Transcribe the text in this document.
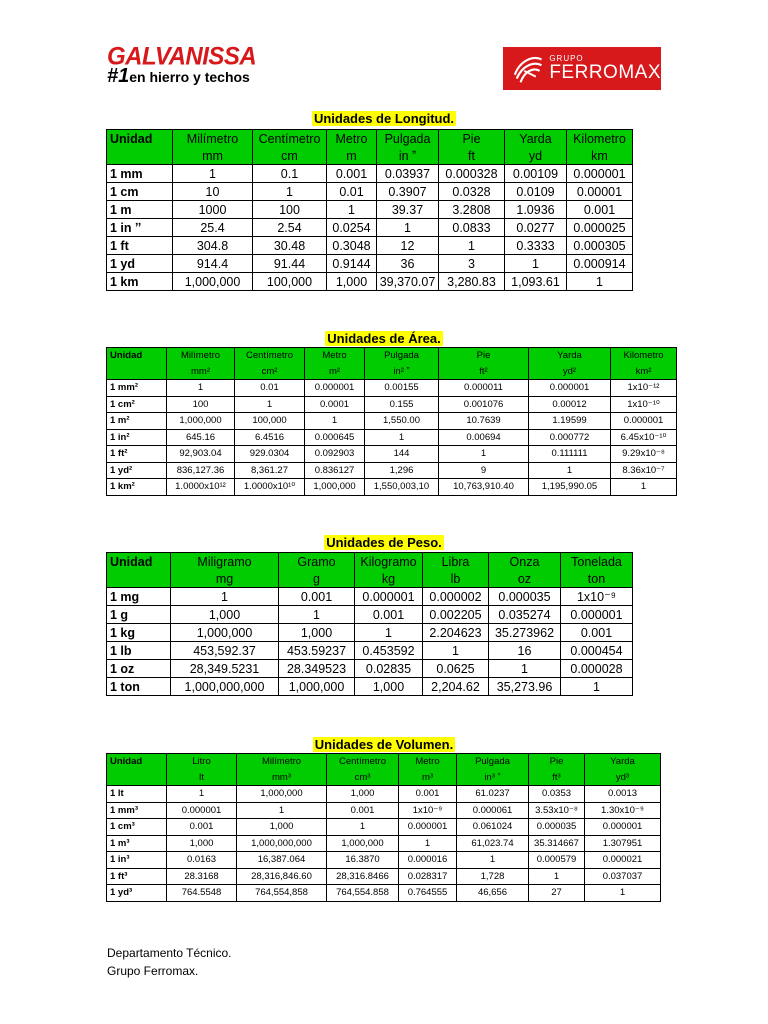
GALVANISSA
#1en hierro y techos
GRUPO
FERROMAX
Unidades de Longitud.
Unidad	Milímetro	Centímetro	Metro	Pulgada	Pie	Yarda	Kilometro
	mm	cm	m	in ˮ	ft	yd	km
1 mm	1	0.1	0.001	0.03937	0.000328	0.00109	0.000001
1 cm	10	1	0.01	0.3907	0.0328	0.0109	0.00001
1 m	1000	100	1	39.37	3.2808	1.0936	0.001
1 in ˮ	25.4	2.54	0.0254	1	0.0833	0.0277	0.000025
1 ft	304.8	30.48	0.3048	12	1	0.3333	0.000305
1 yd	914.4	91.44	0.9144	36	3	1	0.000914
1 km	1,000,000	100,000	1,000	39,370.07	3,280.83	1,093.61	1
Unidades de Área.
Unidad	Milímetro	Centímetro	Metro	Pulgada	Pie	Yarda	Kilometro
	mm²	cm²	m²	in² ˮ	ft²	yd²	km²
1 mm²	1	0.01	0.000001	0.00155	0.000011	0.000001	1x10⁻¹²
1 cm²	100	1	0.0001	0.155	0.001076	0.00012	1x10⁻¹⁰
1 m²	1,000,000	100,000	1	1,550.00	10.7639	1.19599	0.000001
1 in²	645.16	6.4516	0.000645	1	0.00694	0.000772	6.45x10⁻¹⁰
1 ft²	92,903.04	929.0304	0.092903	144	1	0.111111	9.29x10⁻⁸
1 yd²	836,127.36	8,361.27	0.836127	1,296	9	1	8.36x10⁻⁷
1 km²	1.0000x10¹²	1.0000x10¹⁰	1,000,000	1,550,003,10	10,763,910.40	1,195,990.05	1
Unidades de Peso.
Unidad	Miligramo	Gramo	Kilogramo	Libra	Onza	Tonelada
	mg	g	kg	lb	oz	ton
1 mg	1	0.001	0.000001	0.000002	0.000035	1x10⁻⁹
1 g	1,000	1	0.001	0.002205	0.035274	0.000001
1 kg	1,000,000	1,000	1	2.204623	35.273962	0.001
1 lb	453,592.37	453.59237	0.453592	1	16	0.000454
1 oz	28,349.5231	28.349523	0.02835	0.0625	1	0.000028
1 ton	1,000,000,000	1,000,000	1,000	2,204.62	35,273.96	1
Unidades de Volumen.
Unidad	Litro	Milímetro	Centímetro	Metro	Pulgada	Pie	Yarda
	lt	mm³	cm³	m³	in³ ˮ	ft³	yd³
1 lt	1	1,000,000	1,000	0.001	61.0237	0.0353	0.0013
1 mm³	0.000001	1	0.001	1x10⁻⁹	0.000061	3.53x10⁻⁸	1.30x10⁻⁹
1 cm³	0.001	1,000	1	0.000001	0.061024	0.000035	0.000001
1 m³	1,000	1,000,000,000	1,000,000	1	61,023.74	35.314667	1.307951
1 in³	0.0163	16,387.064	16.3870	0.000016	1	0.000579	0.000021
1 ft³	28.3168	28,316,846.60	28,316.8466	0.028317	1,728	1	0.037037
1 yd³	764.5548	764,554,858	764,554.858	0.764555	46,656	27	1
Departamento Técnico.
Grupo Ferromax.
